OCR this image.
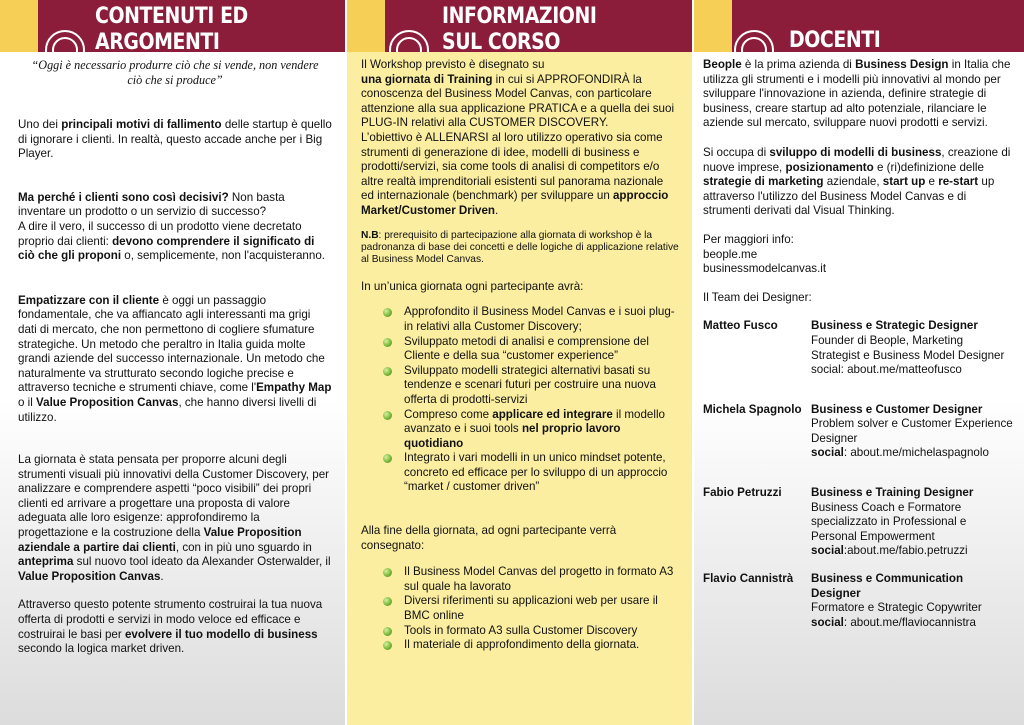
CONTENUTI ED
ARGOMENTI
INFORMAZIONI
SUL CORSO	DOCENTI
“Oggi è necessario produrre ciò che si vende, non vendere ciò che si produce”

Uno dei principali motivi di fallimento delle startup è quello di ignorare i clienti. In realtà, questo accade anche per i Big Player.

Ma perché i clienti sono così decisivi? Non basta inventare un prodotto o un servizio di successo?
A dire il vero, il successo di un prodotto viene decretato proprio dai clienti: devono comprendere il significato di ciò che gli proponi o, semplicemente, non l'acquisteranno.

Empatizzare con il cliente è oggi un passaggio fondamentale, che va affiancato agli interessanti ma grigi dati di mercato, che non permettono di cogliere sfumature strategiche. Un metodo che peraltro in Italia guida molte grandi aziende del successo internazionale. Un metodo che naturalmente va strutturato secondo logiche precise e attraverso tecniche e strumenti chiave, come l'Empathy Map o il Value Proposition Canvas, che hanno diversi livelli di utilizzo.

La giornata è stata pensata per proporre alcuni degli strumenti visuali più innovativi della Customer Discovery, per analizzare e comprendere aspetti “poco visibili” dei propri clienti ed arrivare a progettare una proposta di valore adeguata alle loro esigenze: approfondiremo la progettazione e la costruzione della Value Proposition aziendale a partire dai clienti, con in più uno sguardo in anteprima sul nuovo tool ideato da Alexander Osterwalder, il Value Proposition Canvas.

Attraverso questo potente strumento costruirai la tua nuova offerta di prodotti e servizi in modo veloce ed efficace e costruirai le basi per evolvere il tuo modello di business secondo la logica market driven.

Il Workshop previsto è disegnato su
una giornata di Training in cui si APPROFONDIRÀ la conoscenza del Business Model Canvas, con particolare attenzione alla sua applicazione PRATICA e a quella dei suoi PLUG-IN relativi alla CUSTOMER DISCOVERY.
L’obiettivo è ALLENARSI al loro utilizzo operativo sia come strumenti di generazione di idee, modelli di business e prodotti/servizi, sia come tools di analisi di competitors e/o altre realtà imprenditoriali esistenti sul panorama nazionale ed internazionale (benchmark) per sviluppare un approccio Market/Customer Driven.

N.B: prerequisito di partecipazione alla giornata di workshop è la padronanza di base dei concetti e delle logiche di applicazione relative al Business Model Canvas.

In un’unica giornata ogni partecipante avrà:

Approfondito il Business Model Canvas e i suoi plug-in relativi alla Customer Discovery;
Sviluppato metodi di analisi e comprensione del Cliente e della sua “customer experience”
Sviluppato modelli strategici alternativi basati su tendenze e scenari futuri per costruire una nuova offerta di prodotti-servizi
Compreso come applicare ed integrare il modello avanzato e i suoi tools nel proprio lavoro quotidiano
Integrato i vari modelli in un unico mindset potente, concreto ed efficace per lo sviluppo di un approccio “market / customer driven”

Alla fine della giornata, ad ogni partecipante verrà consegnato:

Il Business Model Canvas del progetto in formato A3 sul quale ha lavorato
Diversi riferimenti su applicazioni web per usare il BMC online
Tools in formato A3 sulla Customer Discovery
Il materiale di approfondimento della giornata.

Beople è la prima azienda di Business Design in Italia che utilizza gli strumenti e i modelli più innovativi al mondo per sviluppare l'innovazione in azienda, definire strategie di business, creare startup ad alto potenziale, rilanciare le aziende sul mercato, sviluppare nuovi prodotti e servizi.

Si occupa di sviluppo di modelli di business, creazione di nuove imprese, posizionamento e (ri)definizione delle strategie di marketing aziendale, start up e re-start up attraverso l'utilizzo del Business Model Canvas e di strumenti derivati dal Visual Thinking.

Per maggiori info:

beople.me

businessmodelcanvas.it

Il Team dei Designer:

Matteo Fusco	Business e Strategic Designer
Founder di Beople, Marketing Strategist e Business Model Designer
social: about.me/matteofusco
Michela Spagnolo Business e Customer Designer
Problem solver e Customer Experience Designer
social: about.me/michelaspagnolo
Fabio Petruzzi	Business e Training Designer
Business Coach e Formatore specializzato in Professional e Personal Empowerment
social:about.me/fabio.petruzzi
Flavio Cannistrà Business e Communication Designer
Formatore e Strategic Copywriter
social: about.me/flaviocannistra
